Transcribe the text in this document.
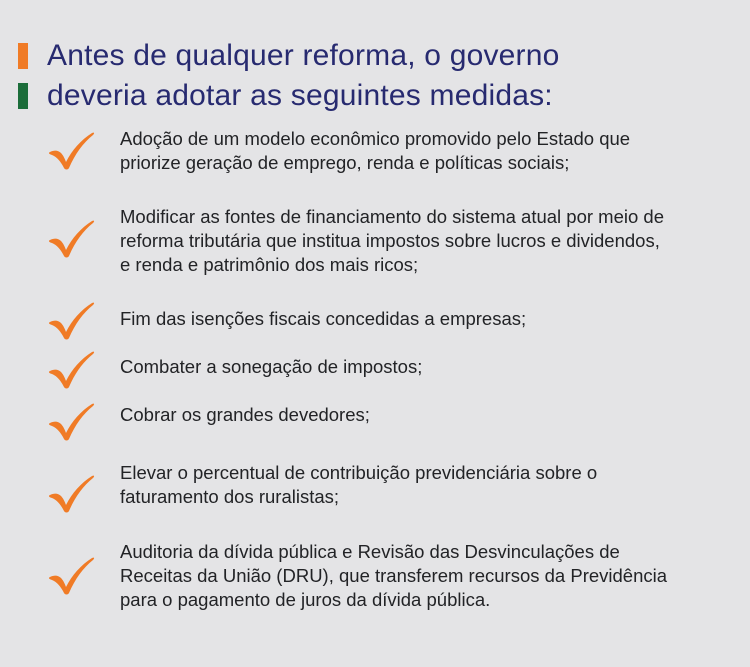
Antes de qualquer reforma, o governo
deveria adotar as seguintes medidas:
Adoção de um modelo econômico promovido pelo Estado que
priorize geração de emprego, renda e políticas sociais;
Modificar as fontes de financiamento do sistema atual por meio de
reforma tributária que institua impostos sobre lucros e dividendos,
e renda e patrimônio dos mais ricos;
Fim das isenções fiscais concedidas a empresas;
Combater a sonegação de impostos;
Cobrar os grandes devedores;
Elevar o percentual de contribuição previdenciária sobre o
faturamento dos ruralistas;
Auditoria da dívida pública e Revisão das Desvinculações de
Receitas da União (DRU), que transferem recursos da Previdência
para o pagamento de juros da dívida pública.
